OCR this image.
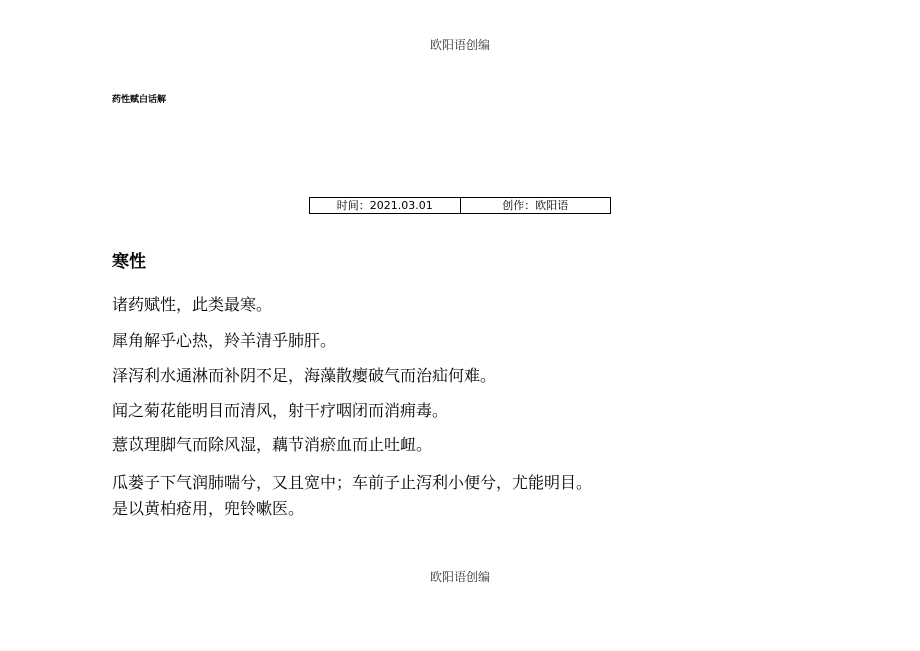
欧阳语创编
药性赋白话解
时间：2021.03.01	创作：欧阳语
寒性
诸药赋性，此类最寒。
犀角解乎心热，羚羊清乎肺肝。
泽泻利水通淋而补阴不足，海藻散瘿破气而治疝何难。
闻之菊花能明目而清风，射干疗咽闭而消痈毒。
薏苡理脚气而除风湿，藕节消瘀血而止吐衄。
瓜蒌子下气润肺喘兮，又且宽中；车前子止泻利小便兮，尤能明目。
是以黄柏疮用，兜铃嗽医。
欧阳语创编
